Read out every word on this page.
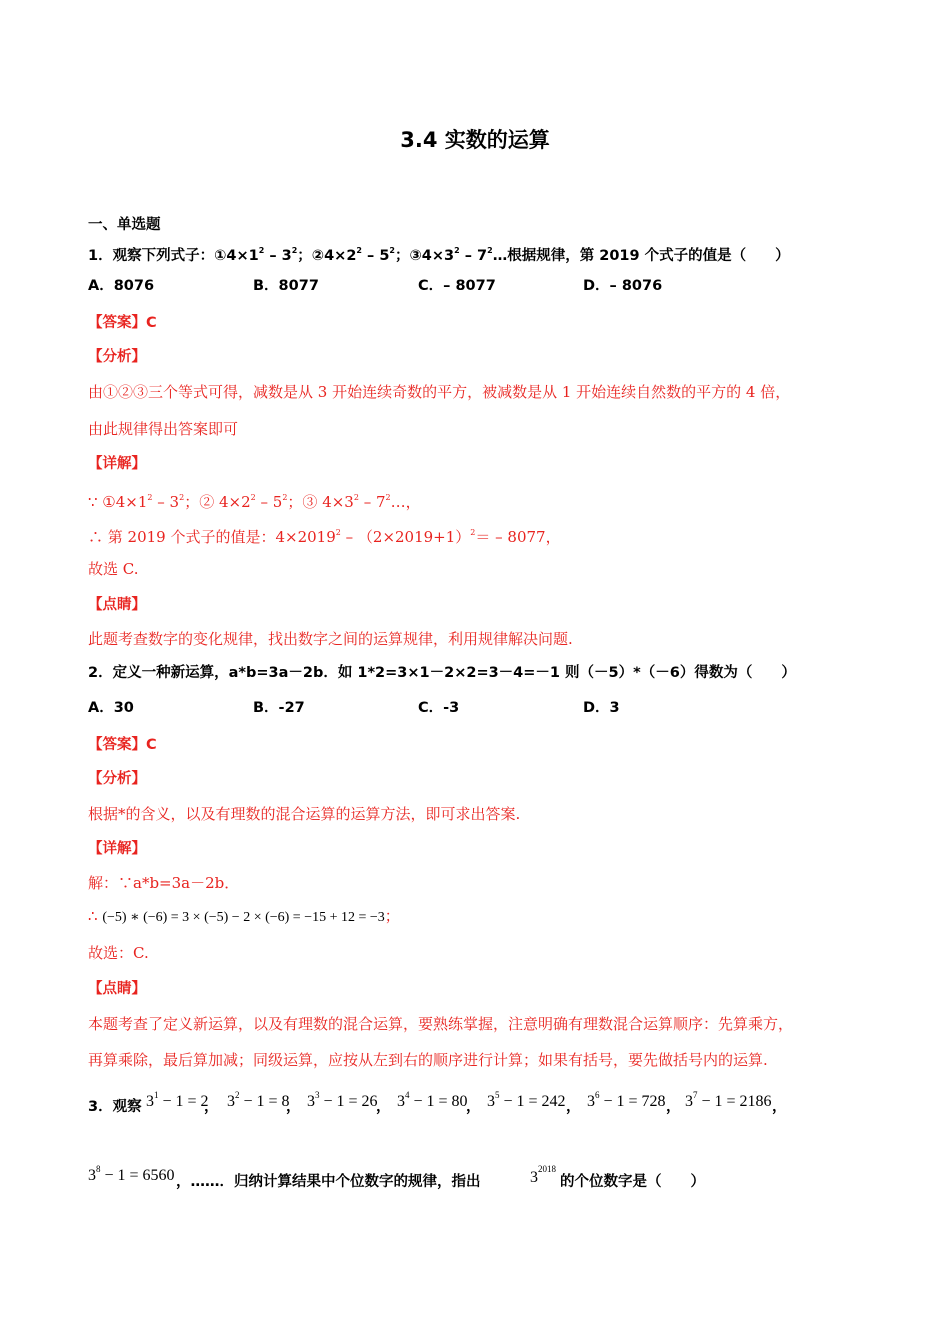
3.4 实数的运算
一、单选题
1．观察下列式子：$①4\times 1^2 - 3^2$；$②4\times 2^2 - 5^2$；$③4\times 3^2$ – $7^2\dots$根据规律，第 2019 个式子的值是（　　）
A．8076	B．8077	C．– 8077	D．– 8076
【答案】C
【分析】
由①②③三个等式可得，减数是从 3 开始连续奇数的平方，被减数是从 1 开始连续自然数的平方的 4 倍，
由此规律得出答案即可
【详解】
∵ $①4\times 1^2 - 3^2$；② $4\times 2^2 - 5^2$；③ $4\times 3^2$ – $7^2\dots$，
∴ 第 2019 个式子的值是：$4\times 2019^2 - (2\times 2019+1)^2= - 8077$，
故选 C.
【点睛】
此题考查数字的变化规律，找出数字之间的运算规律，利用规律解决问题.
2．定义一种新运算，a*b=3a－2b．如 1*2=3×1－2×2=3－4=－1 则（－5）*（－6）得数为（　　）
A．30	B．-27	C．-3	D．3
【答案】C
【分析】
根据*的含义，以及有理数的混合运算的运算方法，即可求出答案.
【详解】
解：∵a*b=3a－2b．
∴ (−5) ∗ (−6) = 3 × (−5) − 2 × (−6) = −15 + 12 = −3；
故选：C.
【点睛】
本题考查了定义新运算，以及有理数的混合运算，要熟练掌握，注意明确有理数混合运算顺序：先算乘方，
再算乘除，最后算加减；同级运算，应按从左到右的顺序进行计算；如果有括号，要先做括号内的运算.
3．观察 $3^1 - 1 = 2$
， $3^2 - 1 = 8$
， $3^3 - 1 = 26$
， $3^4 - 1 = 80$
， $3^5 - 1 = 242$ ， $3^6 - 1 = 728$ ， $3^7 - 1 = 2186$ ，
$3^8 - 1 = 6560$ ，……．归纳计算结果中个位数字的规律，指出	$3^{2018}$
的个位数字是（　　）
